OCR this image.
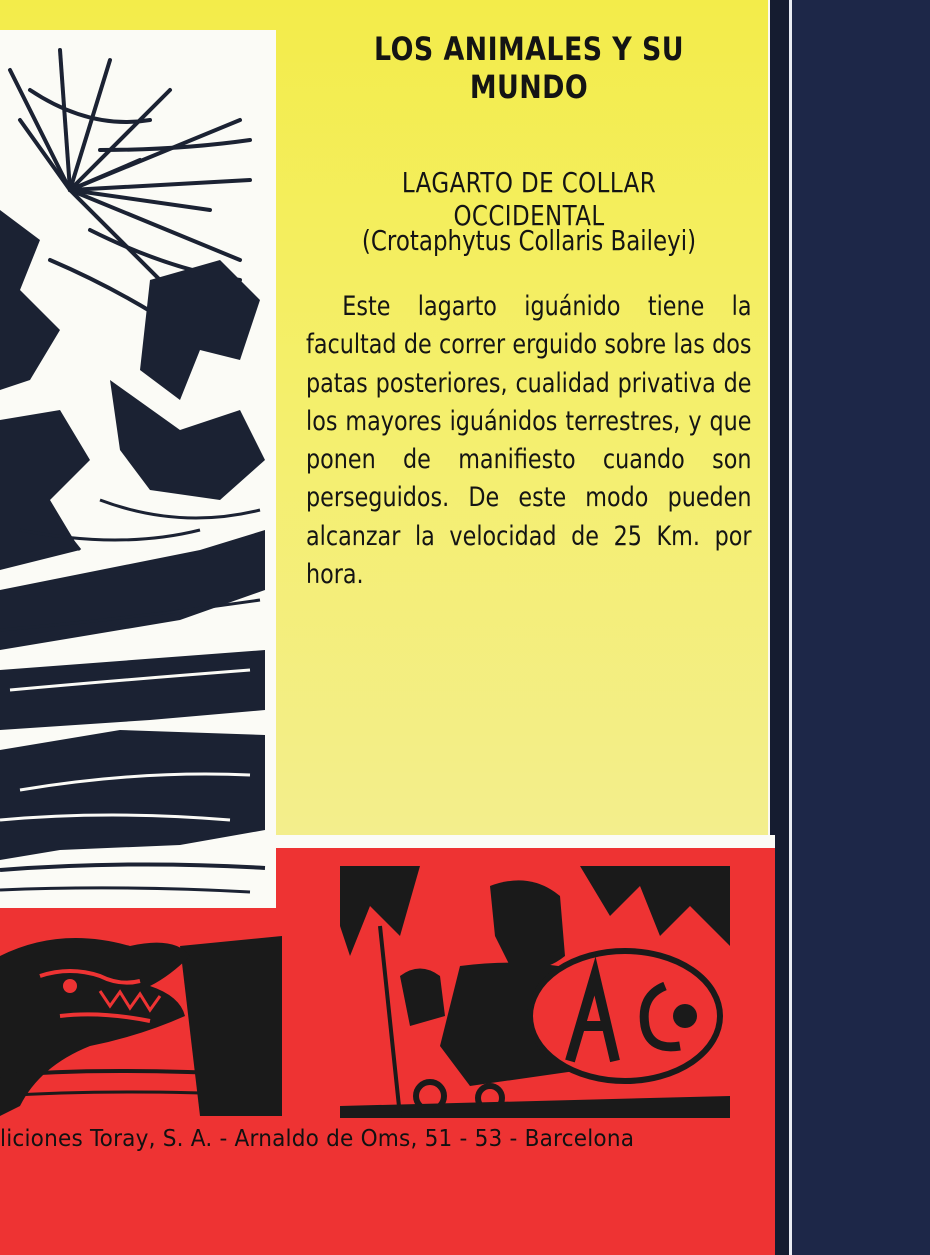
LOS ANIMALES Y SU MUNDO
LAGARTO DE COLLAR OCCIDENTAL
(Crotaphytus Collaris Baileyi)

Este lagarto iguánido tiene la facultad de correr erguido sobre las dos patas posteriores, cualidad privativa de los mayores iguánidos terrestres, y que ponen de manifiesto cuando son perseguidos. De este modo pueden alcanzar la velocidad de 25 Km. por hora.

liciones Toray, S. A. - Arnaldo de Oms, 51 - 53 - Barcelona
